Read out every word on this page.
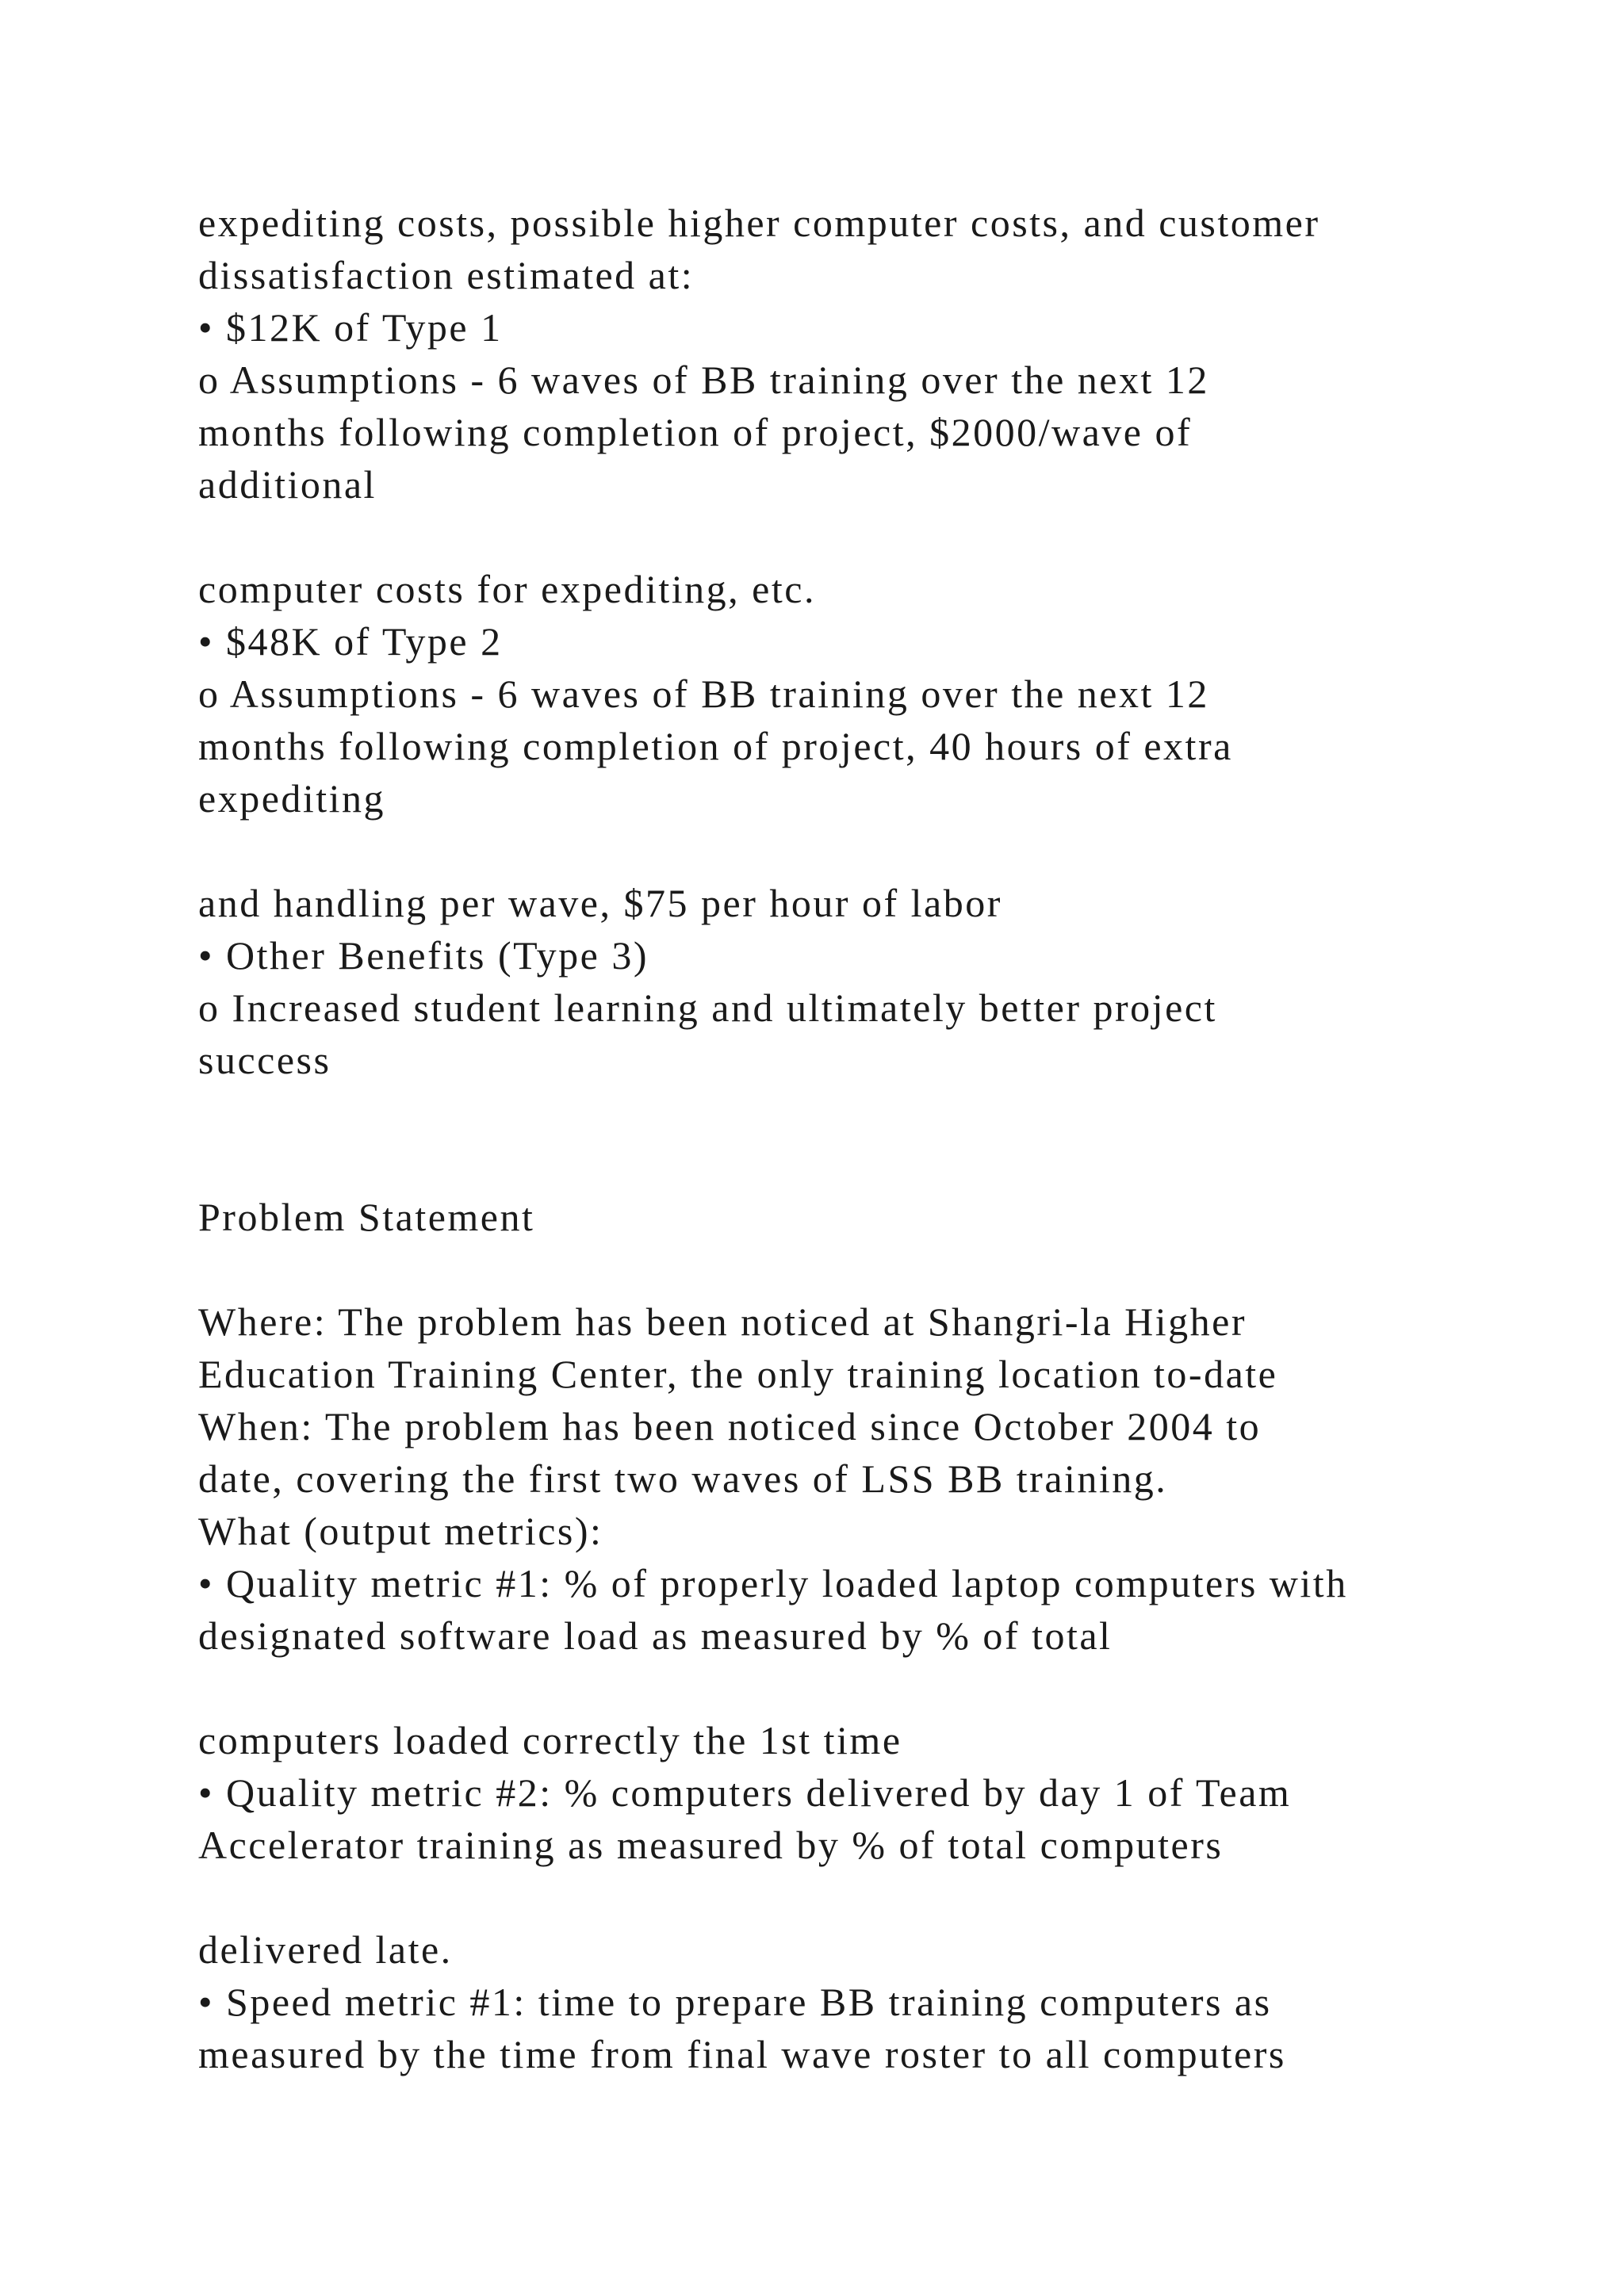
expediting costs, possible higher computer costs, and customer
dissatisfaction estimated at:
• $12K of Type 1
o Assumptions - 6 waves of BB training over the next 12
months following completion of project, $2000/wave of
additional
computer costs for expediting, etc.
• $48K of Type 2
o Assumptions - 6 waves of BB training over the next 12
months following completion of project, 40 hours of extra
expediting
and handling per wave, $75 per hour of labor
• Other Benefits (Type 3)
o Increased student learning and ultimately better project
success
Problem Statement
Where: The problem has been noticed at Shangri-la Higher
Education Training Center, the only training location to-date
When: The problem has been noticed since October 2004 to
date, covering the first two waves of LSS BB training.
What (output metrics):
• Quality metric #1: % of properly loaded laptop computers with
designated software load as measured by % of total
computers loaded correctly the 1st time
• Quality metric #2: % computers delivered by day 1 of Team
Accelerator training as measured by % of total computers
delivered late.
• Speed metric #1: time to prepare BB training computers as
measured by the time from final wave roster to all computers
